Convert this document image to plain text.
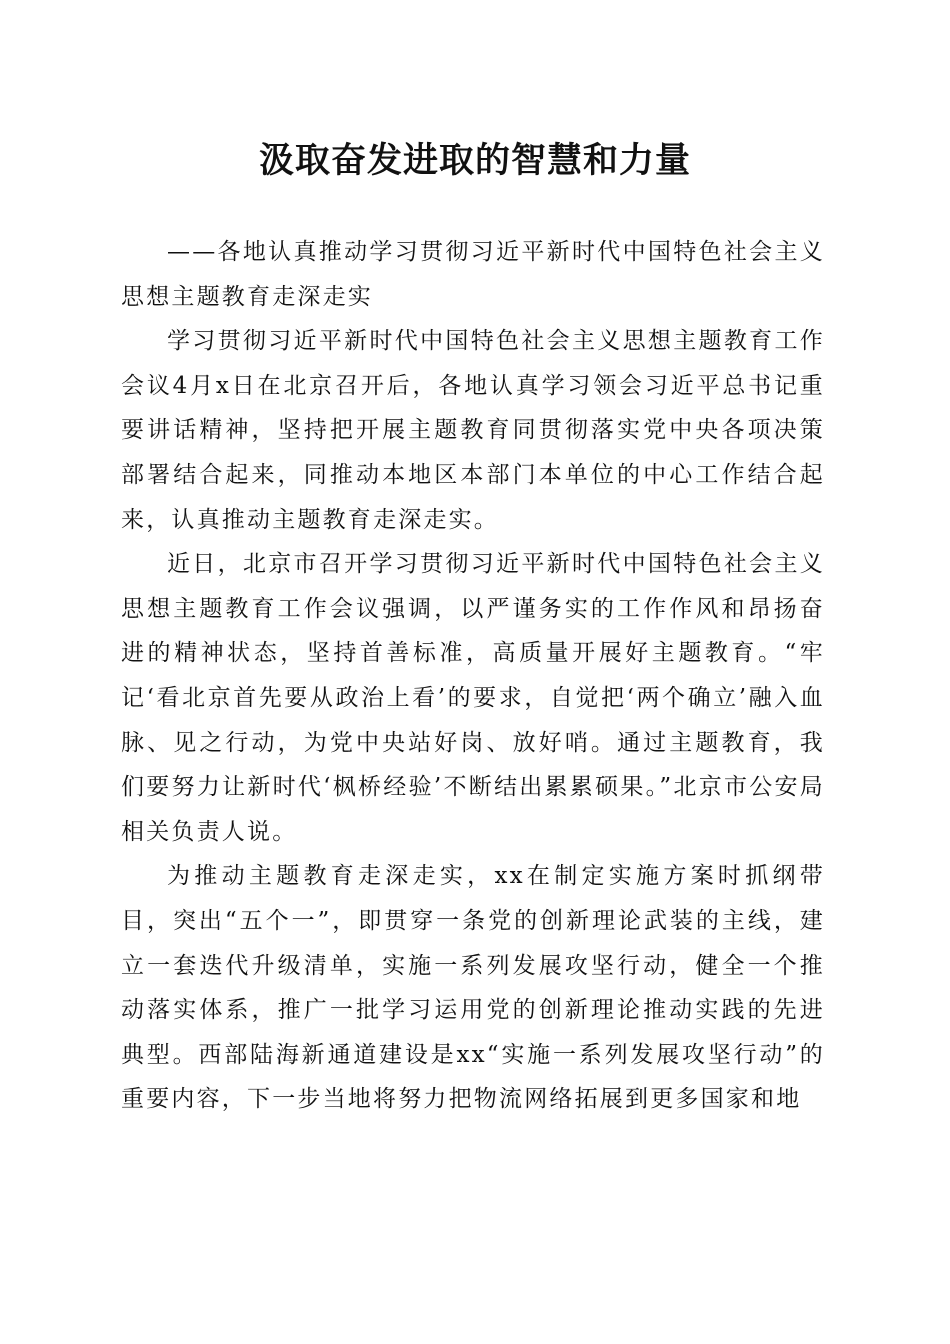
汲取奋发进取的智慧和力量

——各地认真推动学习贯彻习近平新时代中国特色社会主义思想主题教育走深走实

学习贯彻习近平新时代中国特色社会主义思想主题教育工作会议4月x日在北京召开后，各地认真学习领会习近平总书记重要讲话精神，坚持把开展主题教育同贯彻落实党中央各项决策部署结合起来，同推动本地区本部门本单位的中心工作结合起来，认真推动主题教育走深走实。

近日，北京市召开学习贯彻习近平新时代中国特色社会主义思想主题教育工作会议强调，以严谨务实的工作作风和昂扬奋进的精神状态，坚持首善标准，高质量开展好主题教育。“牢记‘看北京首先要从政治上看’的要求，自觉把‘两个确立’融入血脉、见之行动，为党中央站好岗、放好哨。通过主题教育，我们要努力让新时代‘枫桥经验’不断结出累累硕果。”北京市公安局相关负责人说。

为推动主题教育走深走实，xx在制定实施方案时抓纲带目，突出“五个一”，即贯穿一条党的创新理论武装的主线，建立一套迭代升级清单，实施一系列发展攻坚行动，健全一个推动落实体系，推广一批学习运用党的创新理论推动实践的先进典型。西部陆海新通道建设是xx“实施一系列发展攻坚行动”的重要内容，下一步当地将努力把物流网络拓展到更多国家和地
